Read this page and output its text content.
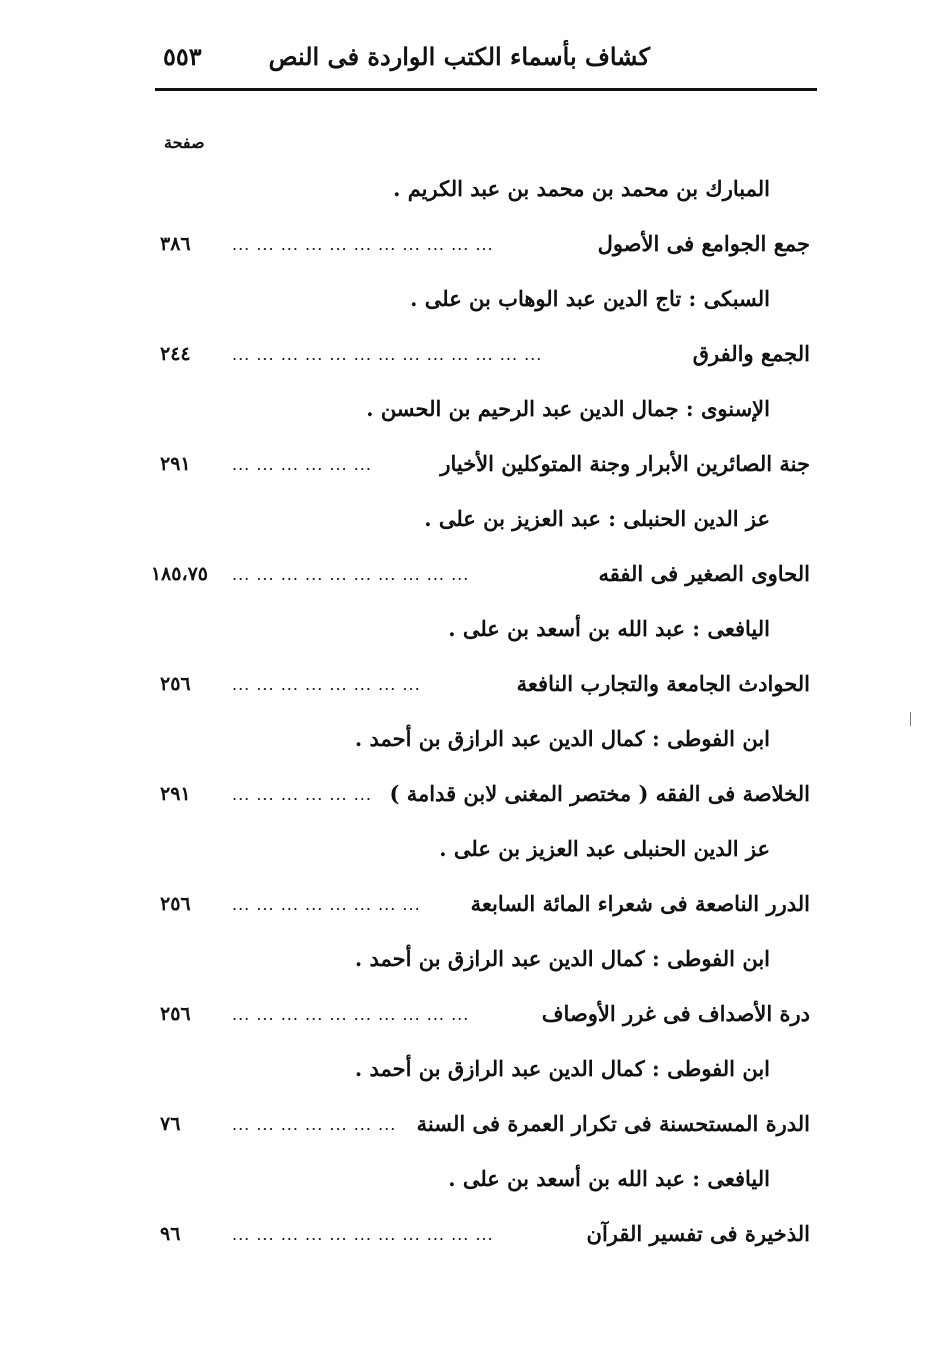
٥٥٣	كشاف بأسماء الكتب الواردة فى النص
صفحة
المبارك بن محمد بن محمد بن عبد الكريم .
٣٨٦	... ... ... ... ... ... ... ... ... ... ...	جمع الجوامع فى الأصول
السبكى : تاج الدين عبد الوهاب بن على .
٢٤٤	... ... ... ... ... ... ... ... ... ... ... ... ...	الجمع والفرق
الإسنوى : جمال الدين عبد الرحيم بن الحسن .
٢٩١	... ... ... ... ... ...	جنة الصائرين الأبرار وجنة المتوكلين الأخيار
عز الدين الحنبلى : عبد العزيز بن على .
١٨٥،٧٥ ... ... ... ... ... ... ... ... ... ...	الحاوى الصغير فى الفقه
اليافعى : عبد الله بن أسعد بن على .
٢٥٦	... ... ... ... ... ... ... ...	الحوادث الجامعة والتجارب النافعة
ابن الفوطى : كمال الدين عبد الرازق بن أحمد .
٢٩١	... ... ... ... ... ... الخلاصة فى الفقه ( مختصر المغنى لابن قدامة )
عز الدين الحنبلى عبد العزيز بن على .
٢٥٦	... ... ... ... ... ... ... ...	الدرر الناصعة فى شعراء المائة السابعة
ابن الفوطى : كمال الدين عبد الرازق بن أحمد .
٢٥٦	... ... ... ... ... ... ... ... ... ...	درة الأصداف فى غرر الأوصاف
ابن الفوطى : كمال الدين عبد الرازق بن أحمد .
٧٦	... ... ... ... ... ... ... الدرة المستحسنة فى تكرار العمرة فى السنة
اليافعى : عبد الله بن أسعد بن على .
٩٦	... ... ... ... ... ... ... ... ... ... ...	الذخيرة فى تفسير القرآن
